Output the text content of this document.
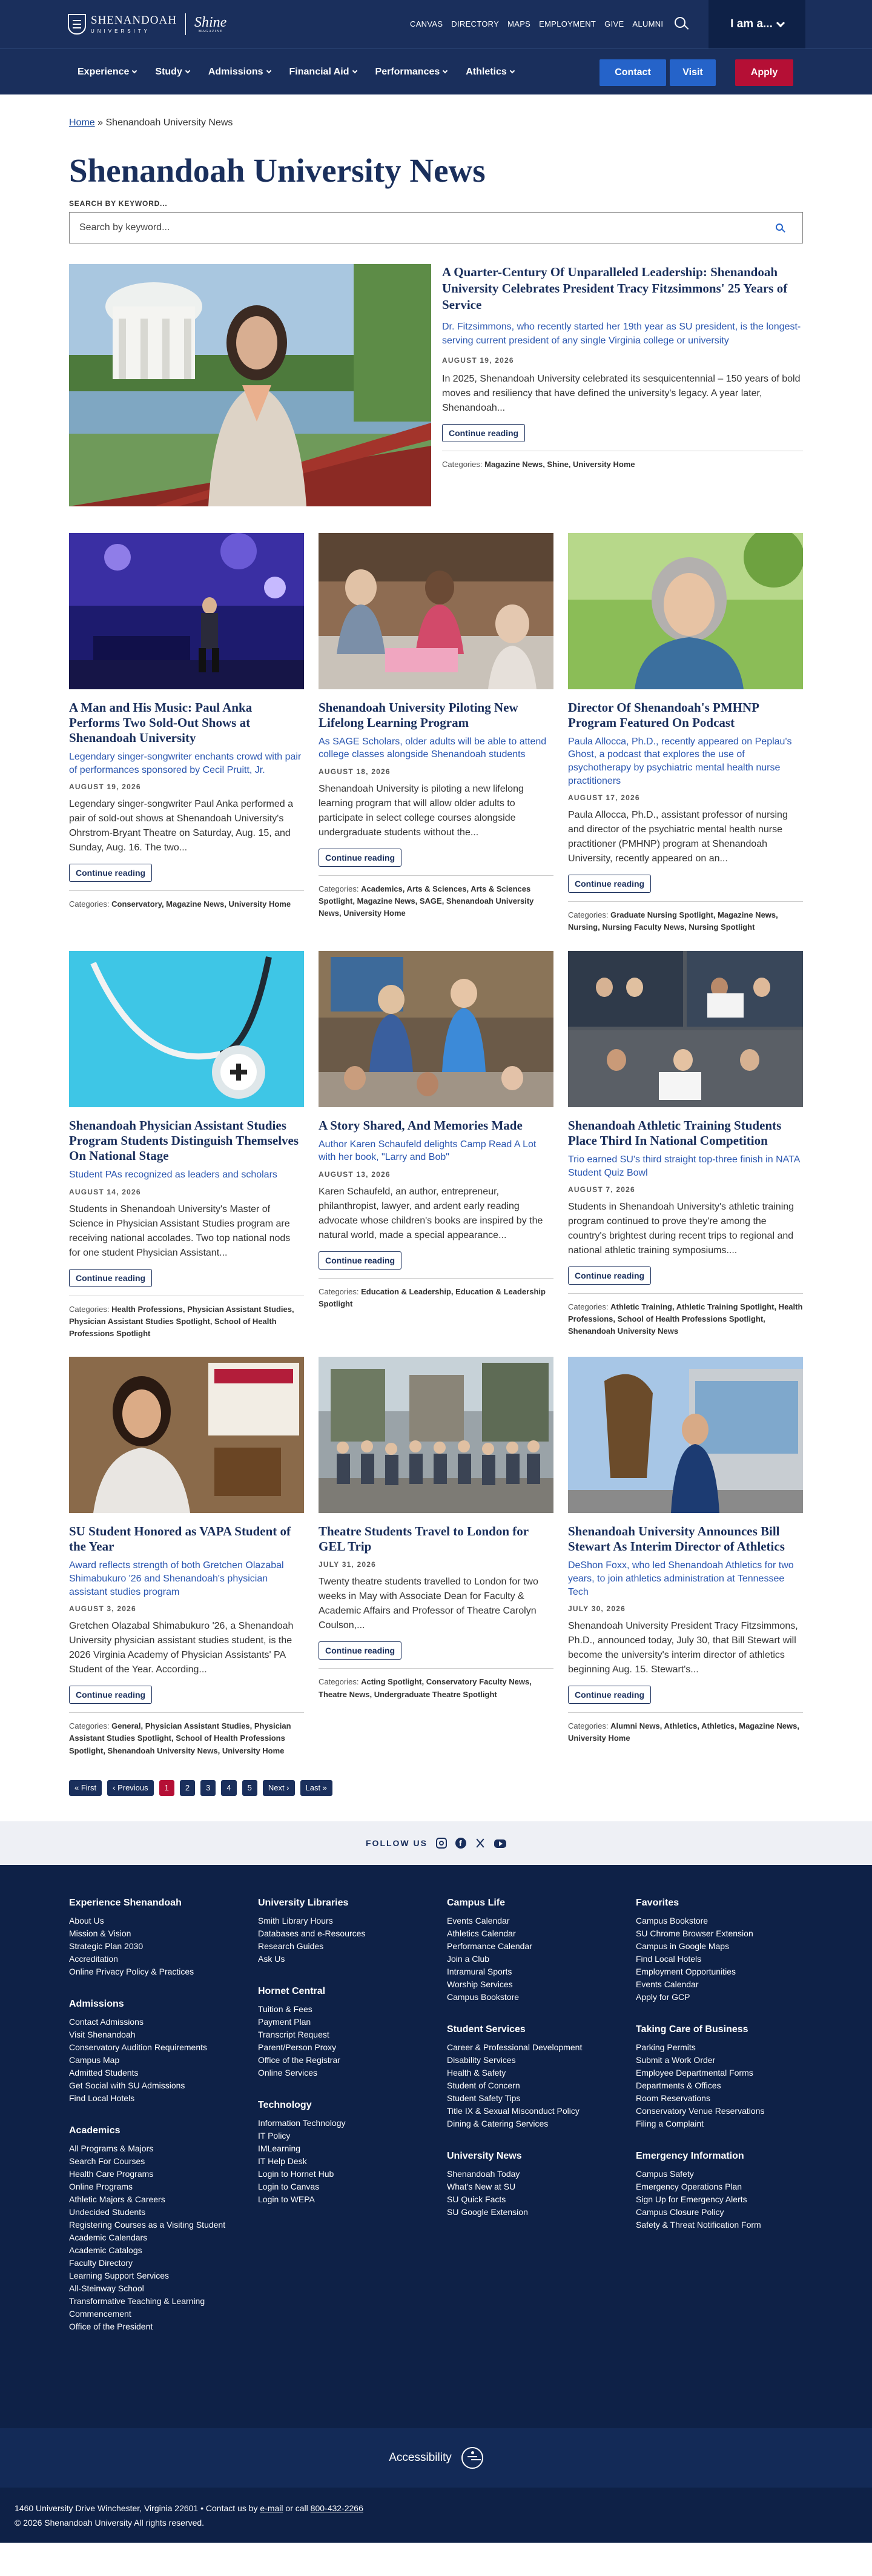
SHENANDOAH
UNIVERSITY
Shine
MAGAZINE
CANVAS DIRECTORY MAPS EMPLOYMENT GIVE ALUMNI	I am a...
Experience	Study	Admissions	Financial Aid	Performances	Athletics	Contact	Visit	Apply
Home » Shenandoah University News
Shenandoah University News
SEARCH BY KEYWORD...
Search by keyword...
A Quarter-Century Of Unparalleled Leadership: Shenandoah University Celebrates President Tracy Fitzsimmons' 25 Years of Service

Dr. Fitzsimmons, who recently started her 19th year as SU president, is the longest-serving current president of any single Virginia college or university

AUGUST 19, 2026

In 2025, Shenandoah University celebrated its sesquicentennial – 150 years of bold moves and resiliency that have defined the university's legacy. A year later, Shenandoah...

Continue reading
Categories: Magazine News, Shine, University Home
A Man and His Music: Paul Anka Performs Two Sold-Out Shows at Shenandoah University

Legendary singer-songwriter enchants crowd with pair of performances sponsored by Cecil Pruitt, Jr.

AUGUST 19, 2026

Legendary singer-songwriter Paul Anka performed a pair of sold-out shows at Shenandoah University's Ohrstrom-Bryant Theatre on Saturday, Aug. 15, and Sunday, Aug. 16. The two...

Continue reading
Categories: Conservatory, Magazine News, University Home
Shenandoah University Piloting New Lifelong Learning Program

As SAGE Scholars, older adults will be able to attend college classes alongside Shenandoah students

AUGUST 18, 2026

Shenandoah University is piloting a new lifelong learning program that will allow older adults to participate in select college courses alongside undergraduate students without the...

Continue reading
Categories: Academics, Arts & Sciences, Arts & Sciences Spotlight, Magazine News, SAGE, Shenandoah University News, University Home
Director Of Shenandoah's PMHNP Program Featured On Podcast

Paula Allocca, Ph.D., recently appeared on Peplau's Ghost, a podcast that explores the use of psychotherapy by psychiatric mental health nurse practitioners

AUGUST 17, 2026

Paula Allocca, Ph.D., assistant professor of nursing and director of the psychiatric mental health nurse practitioner (PMHNP) program at Shenandoah University, recently appeared on an...

Continue reading
Categories: Graduate Nursing Spotlight, Magazine News, Nursing, Nursing Faculty News, Nursing Spotlight
Shenandoah Physician Assistant Studies Program Students Distinguish Themselves On National Stage

Student PAs recognized as leaders and scholars

AUGUST 14, 2026

Students in Shenandoah University's Master of Science in Physician Assistant Studies program are receiving national accolades. Two top national nods for one student Physician Assistant...

Continue reading
Categories: Health Professions, Physician Assistant Studies, Physician Assistant Studies Spotlight, School of Health Professions Spotlight
A Story Shared, And Memories Made

Author Karen Schaufeld delights Camp Read A Lot with her book, "Larry and Bob"

AUGUST 13, 2026

Karen Schaufeld, an author, entrepreneur, philanthropist, lawyer, and ardent early reading advocate whose children's books are inspired by the natural world, made a special appearance...

Continue reading
Categories: Education & Leadership, Education & Leadership Spotlight
Shenandoah Athletic Training Students Place Third In National Competition

Trio earned SU's third straight top-three finish in NATA Student Quiz Bowl

AUGUST 7, 2026

Students in Shenandoah University's athletic training program continued to prove they're among the country's brightest during recent trips to regional and national athletic training symposiums....

Continue reading
Categories: Athletic Training, Athletic Training Spotlight, Health Professions, School of Health Professions Spotlight, Shenandoah University News
SU Student Honored as VAPA Student of the Year

Award reflects strength of both Gretchen Olazabal Shimabukuro '26 and Shenandoah's physician assistant studies program

AUGUST 3, 2026

Gretchen Olazabal Shimabukuro '26, a Shenandoah University physician assistant studies student, is the 2026 Virginia Academy of Physician Assistants' PA Student of the Year. According...

Continue reading
Categories: General, Physician Assistant Studies, Physician Assistant Studies Spotlight, School of Health Professions Spotlight, Shenandoah University News, University Home
Theatre Students Travel to London for GEL Trip
JULY 31, 2026

Twenty theatre students travelled to London for two weeks in May with Associate Dean for Faculty & Academic Affairs and Professor of Theatre Carolyn Coulson,...

Continue reading
Categories: Acting Spotlight, Conservatory Faculty News, Theatre News, Undergraduate Theatre Spotlight
Shenandoah University Announces Bill Stewart As Interim Director of Athletics

DeShon Foxx, who led Shenandoah Athletics for two years, to join athletics administration at Tennessee Tech

JULY 30, 2026

Shenandoah University President Tracy Fitzsimmons, Ph.D., announced today, July 30, that Bill Stewart will become the university's interim director of athletics beginning Aug. 15. Stewart's...

Continue reading
Categories: Alumni News, Athletics, Athletics, Magazine News, University Home
« First	‹ Previous	1	2	3	4	5	Next ›	Last »
FOLLOW US
f
Experience Shenandoah
About Us
Mission & Vision
Strategic Plan 2030
Accreditation
Online Privacy Policy & Practices
Admissions
Contact Admissions
Visit Shenandoah
Conservatory Audition Requirements
Campus Map
Admitted Students
Get Social with SU Admissions
Find Local Hotels
Academics
All Programs & Majors
Search For Courses
Health Care Programs
Online Programs
Athletic Majors & Careers
Undecided Students
Registering Courses as a Visiting Student
Academic Calendars
Academic Catalogs
Faculty Directory
Learning Support Services
All-Steinway School
Transformative Teaching & Learning
Commencement
Office of the President
University Libraries
Smith Library Hours
Databases and e-Resources
Research Guides
Ask Us
Hornet Central
Tuition & Fees
Payment Plan
Transcript Request
Parent/Person Proxy
Office of the Registrar
Online Services
Technology
Information Technology
IT Policy
IMLearning
IT Help Desk
Login to Hornet Hub
Login to Canvas
Login to WEPA
Campus Life
Events Calendar
Athletics Calendar
Performance Calendar
Join a Club
Intramural Sports
Worship Services
Campus Bookstore
Student Services
Career & Professional Development
Disability Services
Health & Safety
Student of Concern
Student Safety Tips
Title IX & Sexual Misconduct Policy
Dining & Catering Services
University News
Shenandoah Today
What's New at SU
SU Quick Facts
SU Google Extension
Favorites
Campus Bookstore
SU Chrome Browser Extension
Campus in Google Maps
Find Local Hotels
Employment Opportunities
Events Calendar
Apply for GCP
Taking Care of Business
Parking Permits
Submit a Work Order
Employee Departmental Forms
Departments & Offices
Room Reservations
Conservatory Venue Reservations
Filing a Complaint
Emergency Information
Campus Safety
Emergency Operations Plan
Sign Up for Emergency Alerts
Campus Closure Policy
Safety & Threat Notification Form
Accessibility
1460 University Drive Winchester, Virginia 22601 • Contact us by e-mail or call 800-432-2266
© 2026 Shenandoah University All rights reserved.
